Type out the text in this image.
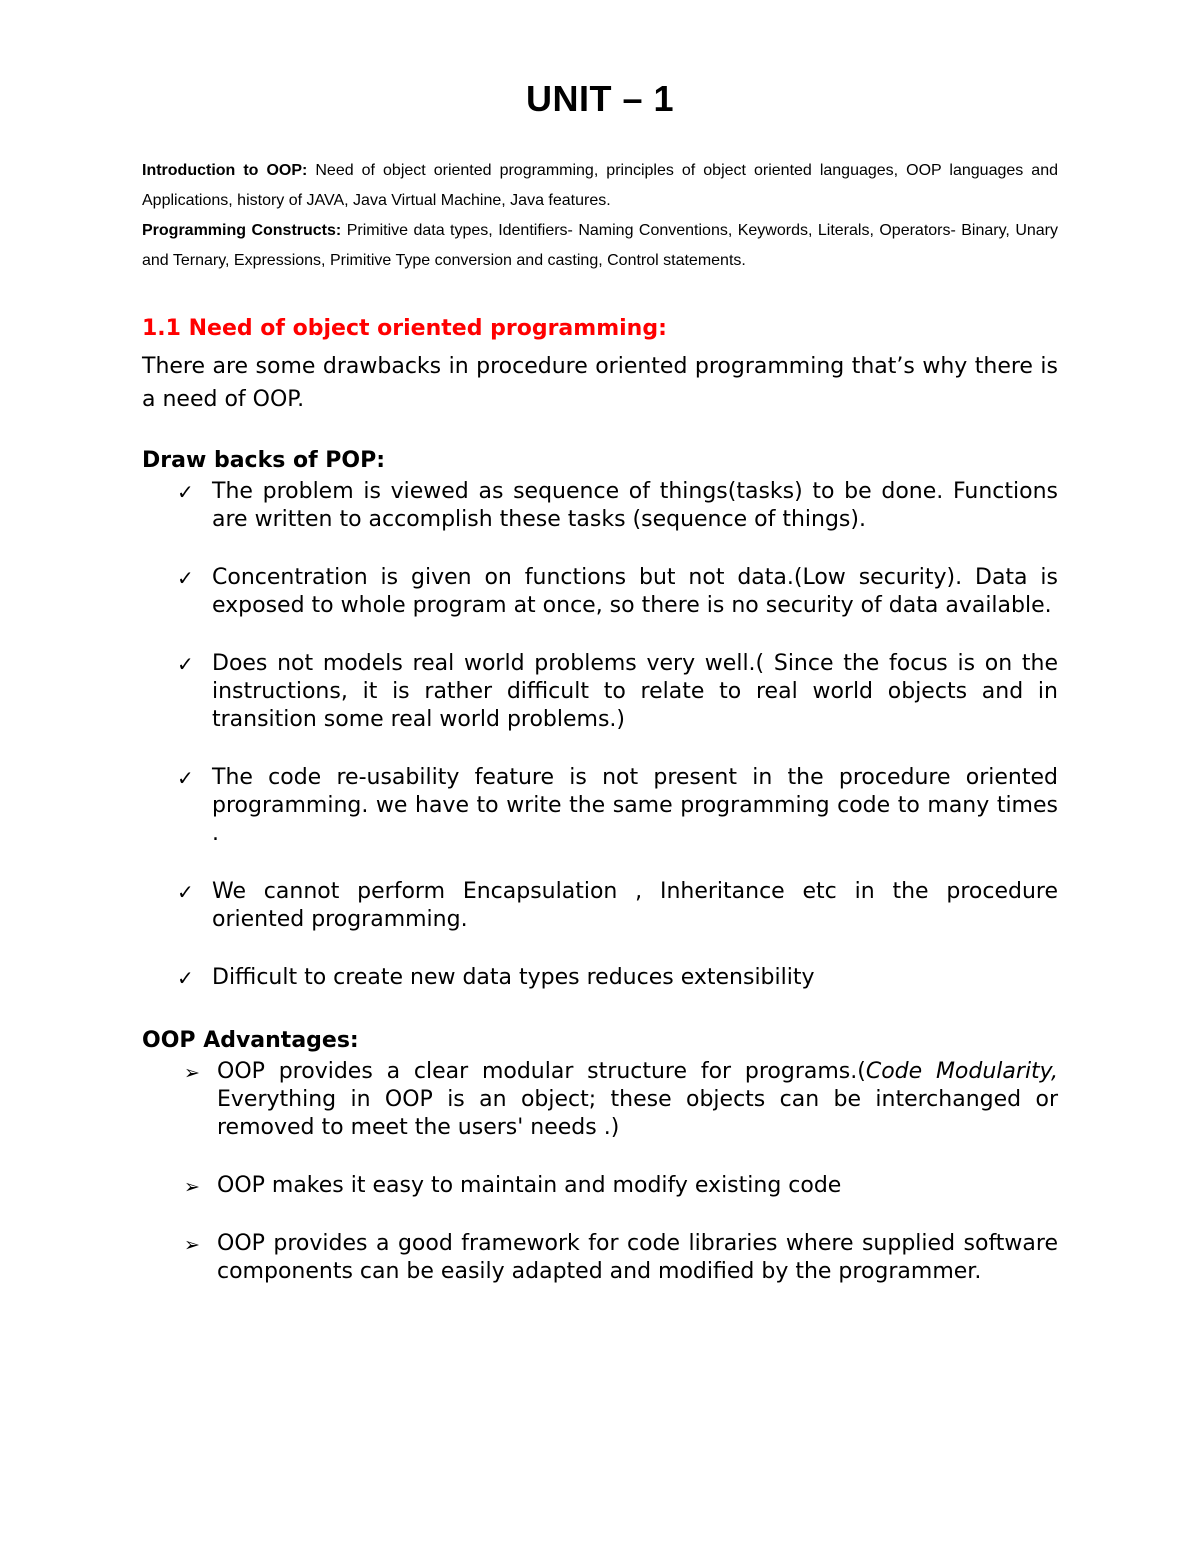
UNIT – 1

Introduction to OOP: Need of object oriented programming, principles of object oriented languages, OOP languages and Applications, history of JAVA, Java Virtual Machine, Java features.

Programming Constructs: Primitive data types, Identifiers- Naming Conventions, Keywords, Literals, Operators- Binary, Unary and Ternary, Expressions, Primitive Type conversion and casting, Control statements.

1.1 Need of object oriented programming:

There are some drawbacks in procedure oriented programming that’s why there is a need of OOP.

Draw backs of POP:
✓ The problem is viewed as sequence of things(tasks) to be done. Functions are written to accomplish these tasks (sequence of things).
✓ Concentration is given on functions but not data.(Low security). Data is exposed to whole program at once, so there is no security of data available.
✓ Does not models real world problems very well.( Since the focus is on the instructions, it is rather difficult to relate to real world objects and in transition some real world problems.)
✓ The code re-usability feature is not present in the procedure oriented programming. we have to write the same programming code to many times .
✓ We cannot perform Encapsulation , Inheritance etc in the procedure oriented programming.
✓ Difficult to create new data types reduces extensibility
OOP Advantages:
➢ OOP provides a clear modular structure for programs.(Code Modularity, Everything in OOP is an object; these objects can be interchanged or removed to meet the users' needs .)
➢ OOP makes it easy to maintain and modify existing code
➢ OOP provides a good framework for code libraries where supplied software components can be easily adapted and modified by the programmer.
